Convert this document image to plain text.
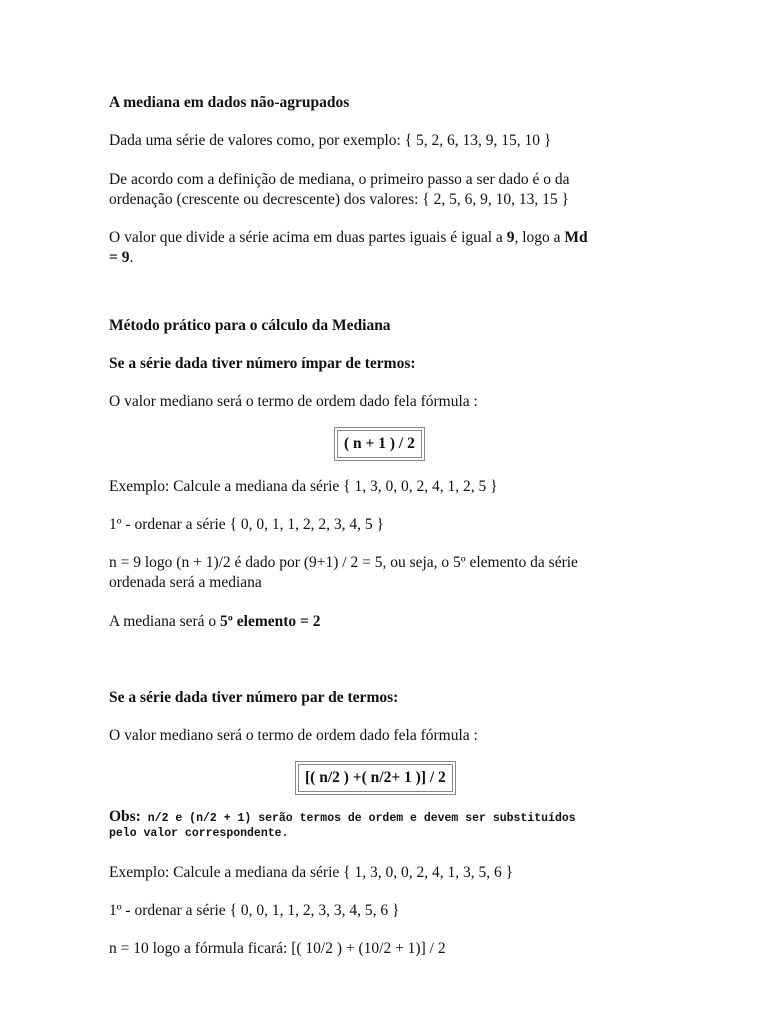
A mediana em dados não-agrupados

Dada uma série de valores como, por exemplo: { 5, 2, 6, 13, 9, 15, 10 }

De acordo com a definição de mediana, o primeiro passo a ser dado é o da

ordenação (crescente ou decrescente) dos valores: { 2, 5, 6, 9, 10, 13, 15 }

O valor que divide a série acima em duas partes iguais é igual a 9, logo a Md

= 9.

Método prático para o cálculo da Mediana

Se a série dada tiver número ímpar de termos:

O valor mediano será o termo de ordem dado fela fórmula :

( n + 1 ) / 2

Exemplo: Calcule a mediana da série { 1, 3, 0, 0, 2, 4, 1, 2, 5 }

1º - ordenar a série { 0, 0, 1, 1, 2, 2, 3, 4, 5 }

n = 9 logo (n + 1)/2 é dado por (9+1) / 2 = 5, ou seja, o 5º elemento da série

ordenada será a mediana

A mediana será o 5º elemento = 2

Se a série dada tiver número par de termos:

O valor mediano será o termo de ordem dado fela fórmula :

[( n/2 ) +( n/2+ 1 )] / 2
Obs: n/2 e (n/2 + 1) serão termos de ordem e devem ser substituídos
pelo valor correspondente.

Exemplo: Calcule a mediana da série { 1, 3, 0, 0, 2, 4, 1, 3, 5, 6 }

1º - ordenar a série { 0, 0, 1, 1, 2, 3, 3, 4, 5, 6 }

n = 10 logo a fórmula ficará: [( 10/2 ) + (10/2 + 1)] / 2
